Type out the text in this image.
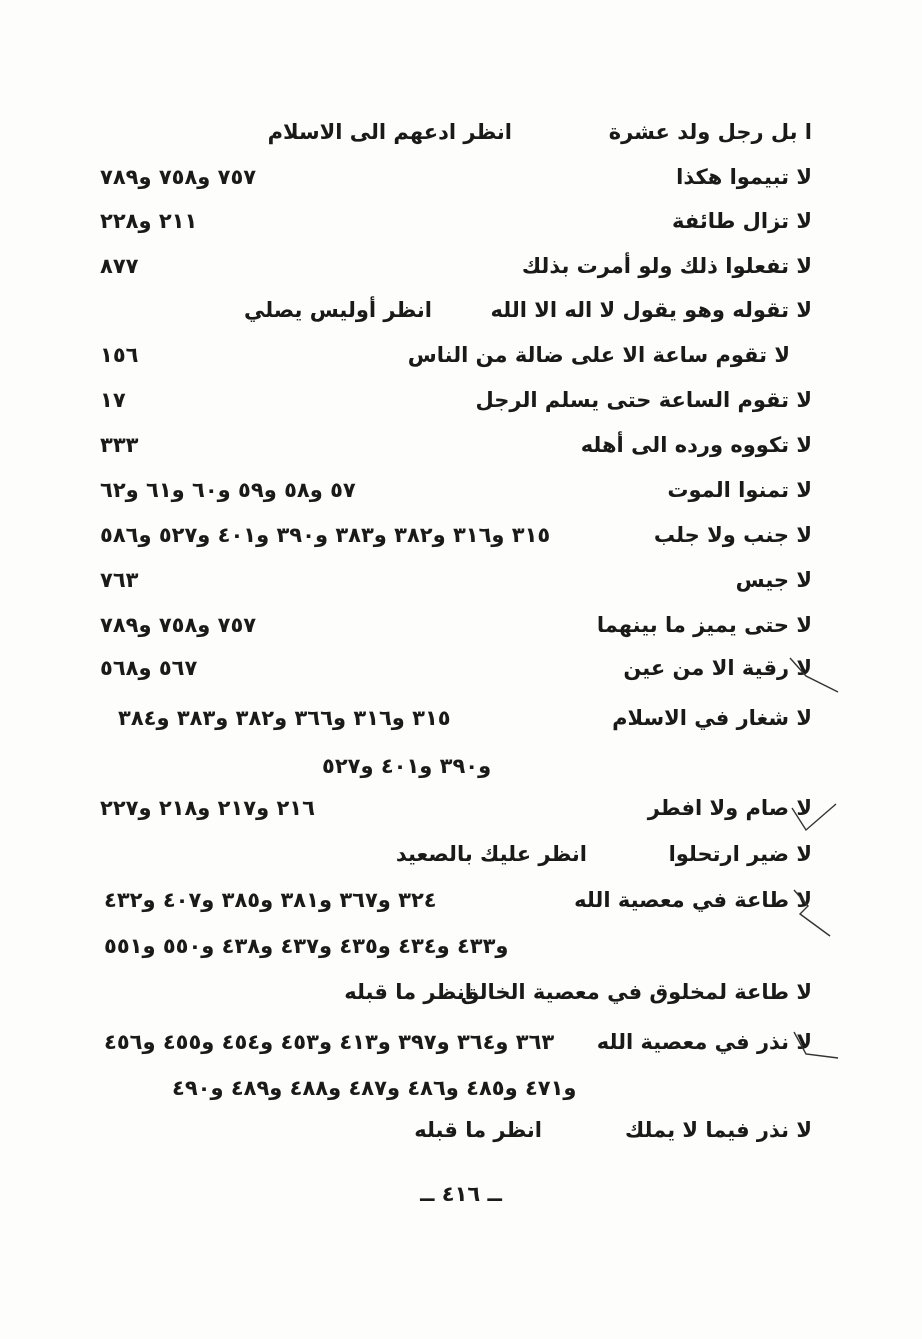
ا بل رجل ولد عشرة
انظر ادعهم الى الاسلام
لا تبيموا هكذا
٧٥٧ و٧٥٨ و٧٨٩
لا تزال طائفة
٢١١ و٢٢٨
لا تفعلوا ذلك ولو أمرت بذلك
٨٧٧
لا تقوله وهو يقول لا اله الا الله
انظر أوليس يصلي
لا تقوم ساعة الا على ضالة من الناس
١٥٦
لا تقوم الساعة حتى يسلم الرجل
١٧
لا تكووه ورده الى أهله
٣٣٣
لا تمنوا الموت
٥٧ و٥٨ و٥٩ و٦٠ و٦١ و٦٢
لا جنب ولا جلب
٣١٥ و٣١٦ و٣٨٢ و٣٨٣ و٣٩٠ و٤٠١ و٥٢٧ و٥٨٦
لا جيس
٧٦٣
لا حتى يميز ما بينهما
٧٥٧ و٧٥٨ و٧٨٩
لا رقية الا من عين
٥٦٧ و٥٦٨
لا شغار في الاسلام
٣١٥ و٣١٦ و٣٦٦ و٣٨٢ و٣٨٣ و٣٨٤
و٣٩٠ و٤٠١ و٥٢٧
لا صام ولا افطر
٢١٦ و٢١٧ و٢١٨ و٢٢٧
لا ضير ارتحلوا
انظر عليك بالصعيد
لا طاعة في معصية الله
٣٢٤ و٣٦٧ و٣٨١ و٣٨٥ و٤٠٧ و٤٣٢
و٤٣٣ و٤٣٤ و٤٣٥ و٤٣٧ و٤٣٨ و٥٥٠ و٥٥١
لا طاعة لمخلوق في معصية الخالق
انظر ما قبله
لا نذر في معصية الله
٣٦٣ و٣٦٤ و٣٩٧ و٤١٣ و٤٥٣ و٤٥٤ و٤٥٥ و٤٥٦
و٤٧١ و٤٨٥ و٤٨٦ و٤٨٧ و٤٨٨ و٤٨٩ و٤٩٠
لا نذر فيما لا يملك
انظر ما قبله
ــ ٤١٦ ــ
